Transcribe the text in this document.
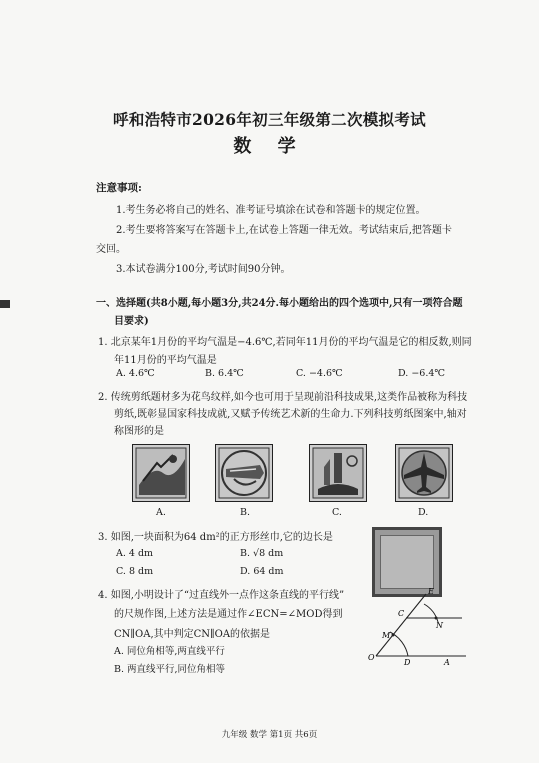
呼和浩特市2026年初三年级第二次模拟考试
数 学
注意事项:
1.考生务必将自己的姓名、准考证号填涂在试卷和答题卡的规定位置。
2.考生要将答案写在答题卡上,在试卷上答题一律无效。考试结束后,把答题卡
交回。
3.本试卷满分100分,考试时间90分钟。
一、选择题(共8小题,每小题3分,共24分.每小题给出的四个选项中,只有一项符合题
目要求)
1. 北京某年1月份的平均气温是−4.6℃,若同年11月份的平均气温是它的相反数,则同
年11月份的平均气温是
A. 4.6℃	B. 6.4℃	C. −4.6℃	D. −6.4℃
2. 传统剪纸题材多为花鸟纹样,如今也可用于呈现前沿科技成果,这类作品被称为科技
剪纸,既彰显国家科技成就,又赋予传统艺术新的生命力.下列科技剪纸图案中,轴对
称图形的是
A.	B.	C.	D.
3. 如图,一块面积为64 dm²的正方形丝巾,它的边长是
A. 4 dm	B. √8 dm
C. 8 dm	D. 64 dm
4. 如图,小明设计了“过直线外一点作这条直线的平行线”
的尺规作图,上述方法是通过作∠ECN=∠MOD得到
CN∥OA,其中判定CN∥OA的依据是
A. 同位角相等,两直线平行
B. 两直线平行,同位角相等
E
C
N
M
O
D	A
九年级 数学 第1页 共6页
